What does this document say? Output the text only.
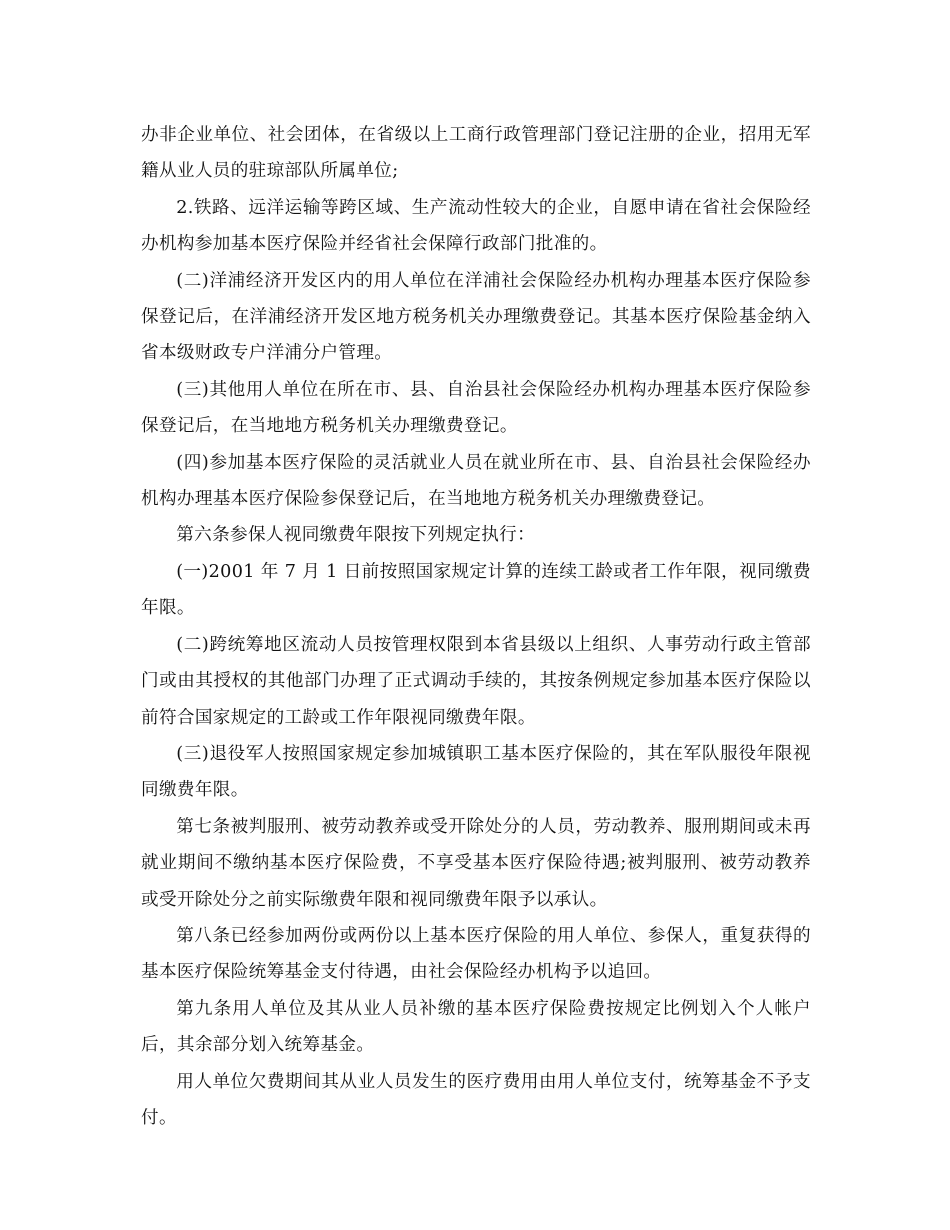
办非企业单位、社会团体，在省级以上工商行政管理部门登记注册的企业，招用无军籍从业人员的驻琼部队所属单位;

2.铁路、远洋运输等跨区域、生产流动性较大的企业，自愿申请在省社会保险经办机构参加基本医疗保险并经省社会保障行政部门批准的。

(二)洋浦经济开发区内的用人单位在洋浦社会保险经办机构办理基本医疗保险参保登记后，在洋浦经济开发区地方税务机关办理缴费登记。其基本医疗保险基金纳入省本级财政专户洋浦分户管理。

(三)其他用人单位在所在市、县、自治县社会保险经办机构办理基本医疗保险参保登记后，在当地地方税务机关办理缴费登记。

(四)参加基本医疗保险的灵活就业人员在就业所在市、县、自治县社会保险经办机构办理基本医疗保险参保登记后，在当地地方税务机关办理缴费登记。

第六条参保人视同缴费年限按下列规定执行：

(一)2001 年 7 月 1 日前按照国家规定计算的连续工龄或者工作年限，视同缴费年限。

(二)跨统筹地区流动人员按管理权限到本省县级以上组织、人事劳动行政主管部门或由其授权的其他部门办理了正式调动手续的，其按条例规定参加基本医疗保险以前符合国家规定的工龄或工作年限视同缴费年限。

(三)退役军人按照国家规定参加城镇职工基本医疗保险的，其在军队服役年限视同缴费年限。

第七条被判服刑、被劳动教养或受开除处分的人员，劳动教养、服刑期间或未再就业期间不缴纳基本医疗保险费，不享受基本医疗保险待遇;被判服刑、被劳动教养或受开除处分之前实际缴费年限和视同缴费年限予以承认。

第八条已经参加两份或两份以上基本医疗保险的用人单位、参保人，重复获得的基本医疗保险统筹基金支付待遇，由社会保险经办机构予以追回。

第九条用人单位及其从业人员补缴的基本医疗保险费按规定比例划入个人帐户后，其余部分划入统筹基金。

用人单位欠费期间其从业人员发生的医疗费用由用人单位支付，统筹基金不予支付。
